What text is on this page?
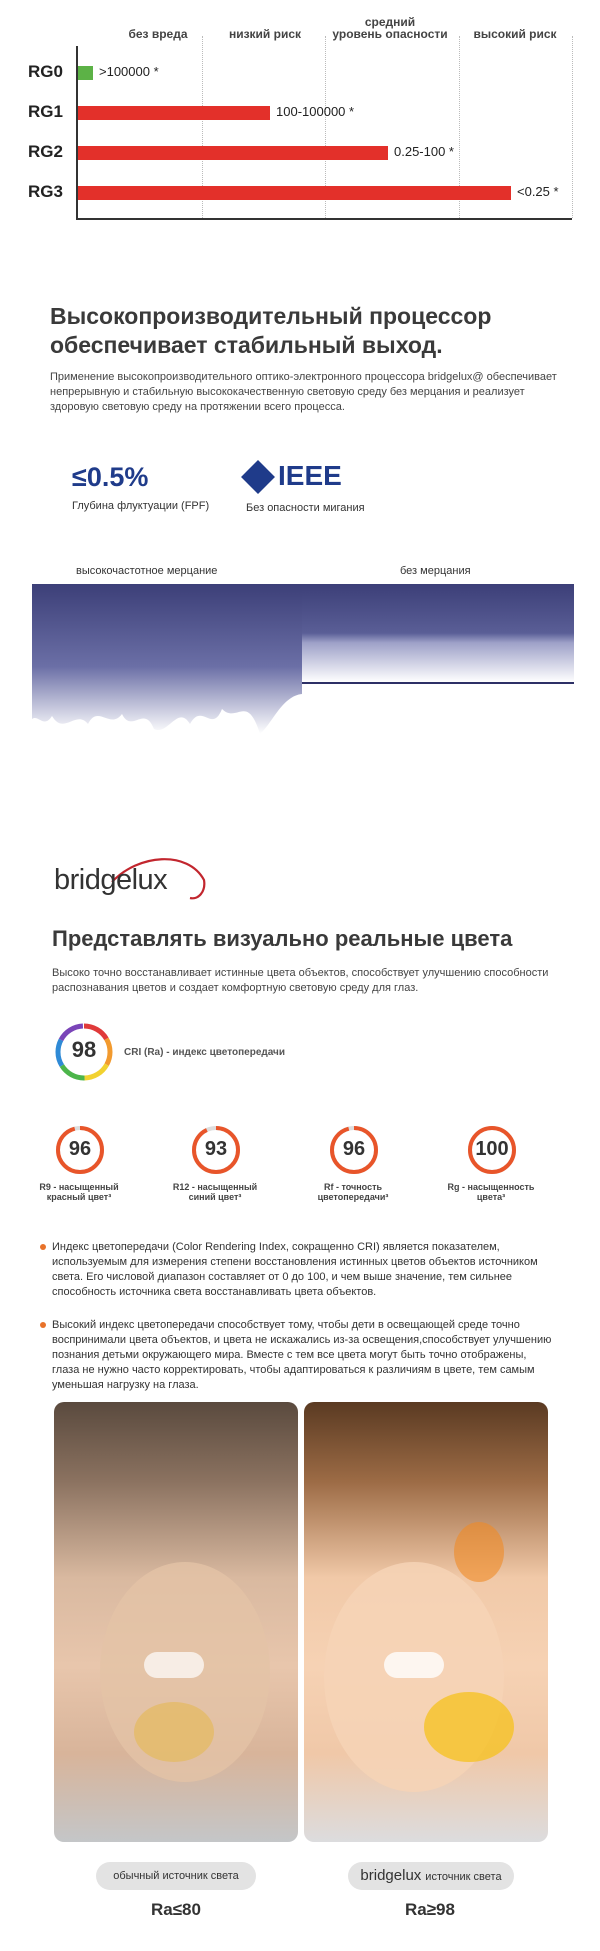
без вреда	низкий риск
средний
уровень опасности	высокий риск
RG0
RG1
RG2
RG3
>100000 *
100-100000 *
0.25-100 *
<0.25 *
Высокопроизводительный процессор
обеспечивает стабильный выход.
Применение высокопроизводительного оптико-электронного процессора bridgelux@ обеспечивает непрерывную и стабильную высококачественную световую среду без мерцания и реализует здоровую световую среду на протяжении всего процесса.
≤0.5%
Глубина флуктуации (FPF)
IEEE
Без опасности мигания
высокочастотное мерцание	без мерцания
bridgelux
Представлять визуально реальные цвета
Высоко точно восстанавливает истинные цвета объектов, способствует улучшению способности распознавания цветов и создает комфортную световую среду для глаз.
98	CRI (Ra) - индекс цветопередачи
96
R9 - насыщенный
красный цвет³
93
R12 - насыщенный
синий цвет³
96
Rf - точность
цветопередачи³
100
Rg - насыщенность
цвета³
Индекс цветопередачи (Color Rendering Index, сокращенно CRI) является показателем, используемым для измерения степени восстановления истинных цветов объектов источником света. Его числовой диапазон составляет от 0 до 100, и чем выше значение, тем сильнее способность источника света восстанавливать цвета объектов.
Высокий индекс цветопередачи способствует тому, чтобы дети в освещающей среде точно воспринимали цвета объектов, и цвета не искажались из-за освещения,способствует улучшению познания детьми окружающего мира. Вместе с тем все цвета могут быть точно отображены, глаза не нужно часто корректировать, чтобы адаптироваться к различиям в цвете, тем самым уменьшая нагрузку на глаза.
обычный источник света	bridgelux источник света
Ra≤80	Ra≥98
